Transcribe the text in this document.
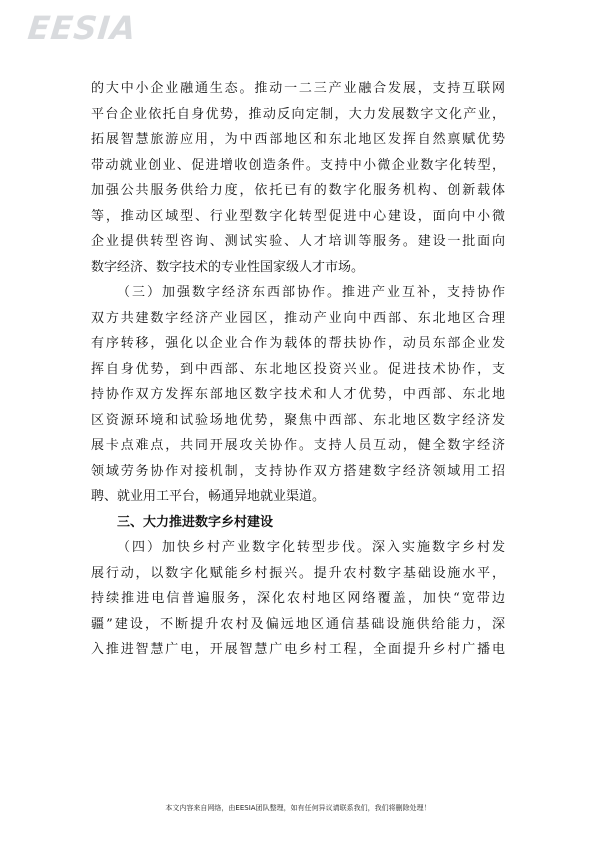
EESIA
的大中小企业融通生态。推动一二三产业融合发展，支持互联网
平台企业依托自身优势，推动反向定制，大力发展数字文化产业，
拓展智慧旅游应用，为中西部地区和东北地区发挥自然禀赋优势
带动就业创业、促进增收创造条件。支持中小微企业数字化转型，
加强公共服务供给力度，依托已有的数字化服务机构、创新载体
等，推动区域型、行业型数字化转型促进中心建设，面向中小微
企业提供转型咨询、测试实验、人才培训等服务。建设一批面向
数字经济、数字技术的专业性国家级人才市场。
（三）加强数字经济东西部协作。推进产业互补，支持协作
双方共建数字经济产业园区，推动产业向中西部、东北地区合理
有序转移，强化以企业合作为载体的帮扶协作，动员东部企业发
挥自身优势，到中西部、东北地区投资兴业。促进技术协作，支
持协作双方发挥东部地区数字技术和人才优势，中西部、东北地
区资源环境和试验场地优势，聚焦中西部、东北地区数字经济发
展卡点难点，共同开展攻关协作。支持人员互动，健全数字经济
领域劳务协作对接机制，支持协作双方搭建数字经济领域用工招
聘、就业用工平台，畅通异地就业渠道。
三、大力推进数字乡村建设
（四）加快乡村产业数字化转型步伐。深入实施数字乡村发
展行动，以数字化赋能乡村振兴。提升农村数字基础设施水平，
持续推进电信普遍服务，深化农村地区网络覆盖，加快“宽带边
疆”建设，不断提升农村及偏远地区通信基础设施供给能力，深
入推进智慧广电，开展智慧广电乡村工程，全面提升乡村广播电
本文内容来自网络，由EESIA团队整理，如有任何异议请联系我们，我们将删除处理！
